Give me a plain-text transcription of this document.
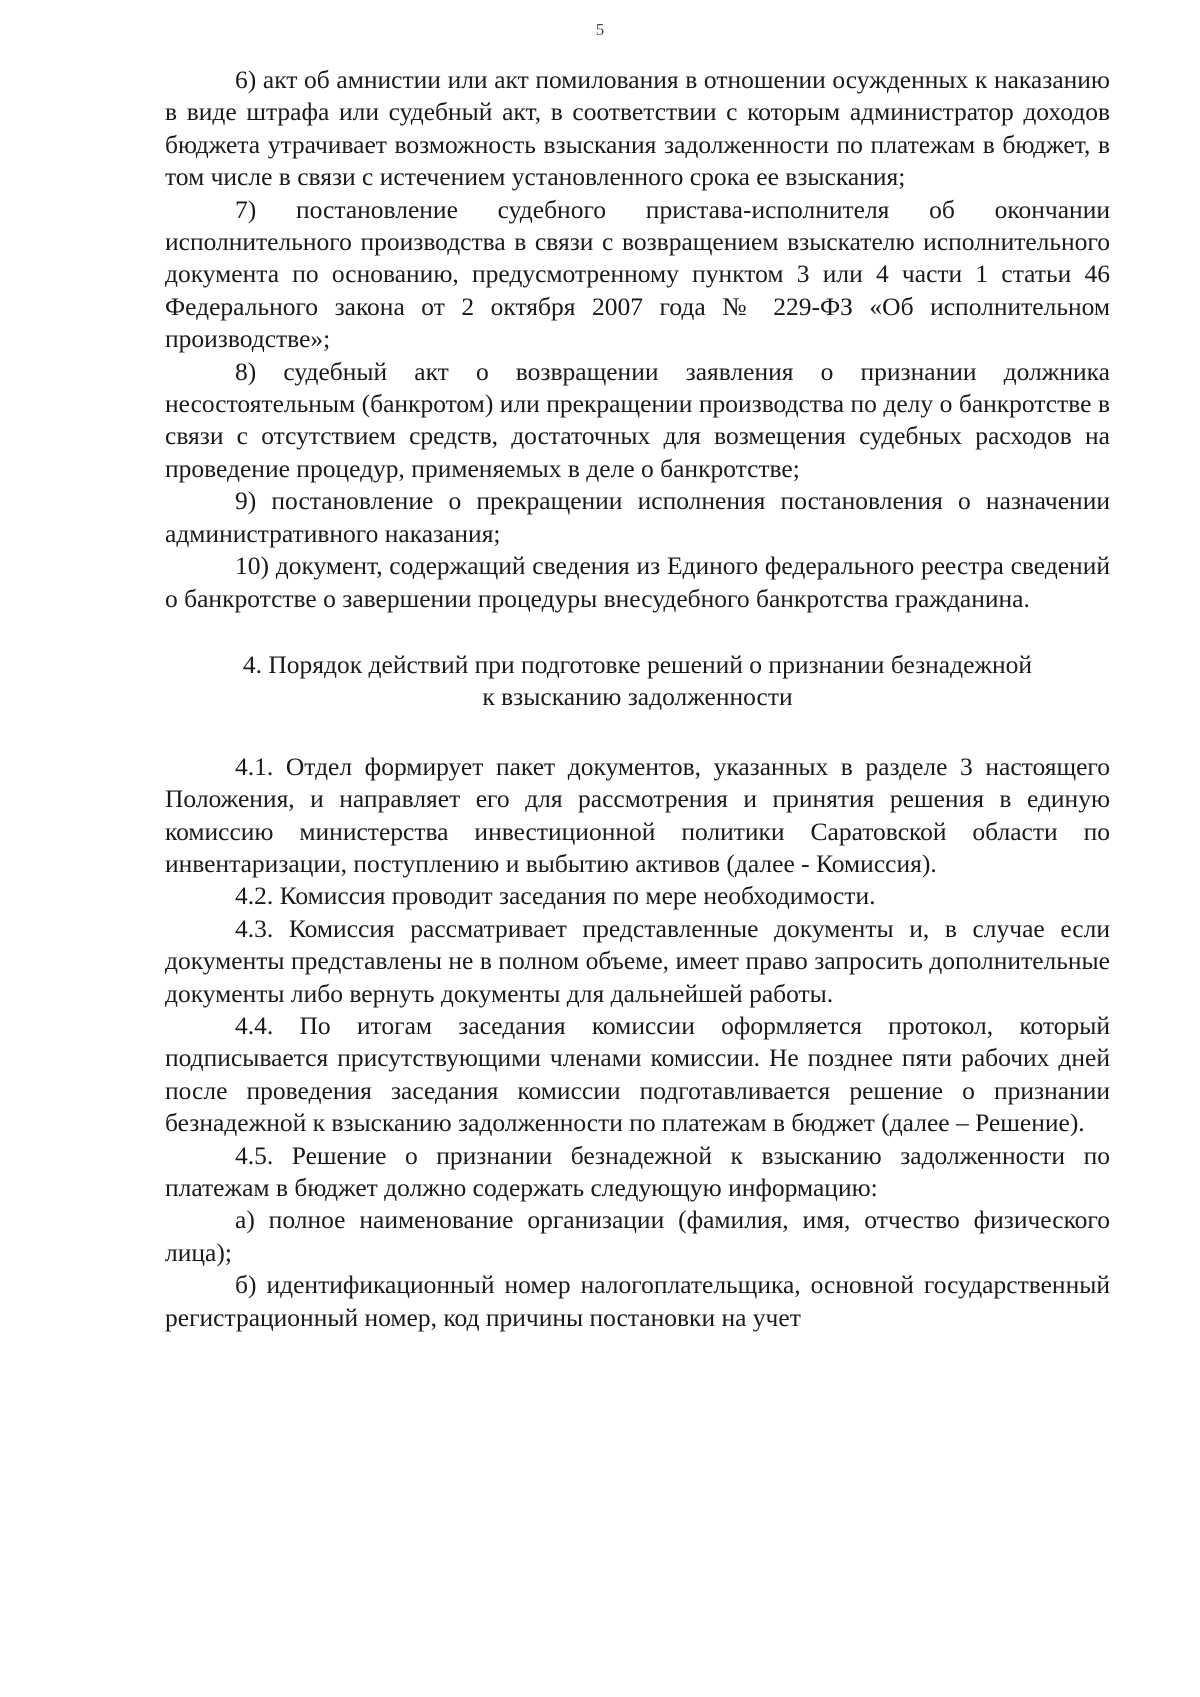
5

6) акт об амнистии или акт помилования в отношении осужденных к наказанию в виде штрафа или судебный акт, в соответствии с которым администратор доходов бюджета утрачивает возможность взыскания задолженности по платежам в бюджет, в том числе в связи с истечением установленного срока ее взыскания;

7) постановление судебного пристава-исполнителя об окончании исполнительного производства в связи с возвращением взыскателю исполнительного документа по основанию, предусмотренному пунктом 3 или 4 части 1 статьи 46 Федерального закона от 2 октября 2007 года № 229-ФЗ «Об исполнительном производстве»;

8) судебный акт о возвращении заявления о признании должника несостоятельным (банкротом) или прекращении производства по делу о банкротстве в связи с отсутствием средств, достаточных для возмещения судебных расходов на проведение процедур, применяемых в деле о банкротстве;

9) постановление о прекращении исполнения постановления о назначении административного наказания;

10) документ, содержащий сведения из Единого федерального реестра сведений о банкротстве о завершении процедуры внесудебного банкротства гражданина.

4. Порядок действий при подготовке решений о признании безнадежной к взысканию задолженности

4.1. Отдел формирует пакет документов, указанных в разделе 3 настоящего Положения, и направляет его для рассмотрения и принятия решения в единую комиссию министерства инвестиционной политики Саратовской области по инвентаризации, поступлению и выбытию активов (далее - Комиссия).

4.2. Комиссия проводит заседания по мере необходимости.

4.3. Комиссия рассматривает представленные документы и, в случае если документы представлены не в полном объеме, имеет право запросить дополнительные документы либо вернуть документы для дальнейшей работы.

4.4. По итогам заседания комиссии оформляется протокол, который подписывается присутствующими членами комиссии. Не позднее пяти рабочих дней после проведения заседания комиссии подготавливается решение о признании безнадежной к взысканию задолженности по платежам в бюджет (далее – Решение).

4.5. Решение о признании безнадежной к взысканию задолженности по платежам в бюджет должно содержать следующую информацию:

а) полное наименование организации (фамилия, имя, отчество физического лица);

б) идентификационный номер налогоплательщика, основной государственный регистрационный номер, код причины постановки на учет
